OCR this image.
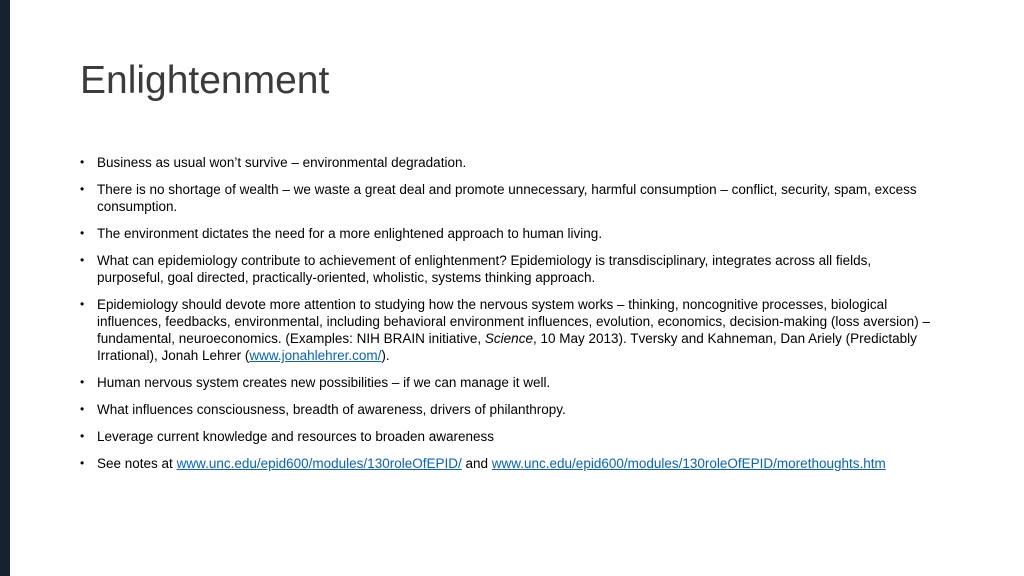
Enlightenment
• Business as usual won’t survive – environmental degradation.
• There is no shortage of wealth – we waste a great deal and promote unnecessary, harmful consumption – conflict, security, spam, excess consumption.
• The environment dictates the need for a more enlightened approach to human living.
• What can epidemiology contribute to achievement of enlightenment? Epidemiology is transdisciplinary, integrates across all fields, purposeful, goal directed, practically-oriented, wholistic, systems thinking approach.
• Epidemiology should devote more attention to studying how the nervous system works – thinking, noncognitive processes, biological influences, feedbacks, environmental, including behavioral environment influences, evolution, economics, decision-making (loss aversion) – fundamental, neuroeconomics. (Examples: NIH BRAIN initiative, Science, 10 May 2013). Tversky and Kahneman, Dan Ariely (Predictably Irrational), Jonah Lehrer (www.jonahlehrer.com/).
• Human nervous system creates new possibilities – if we can manage it well.
• What influences consciousness, breadth of awareness, drivers of philanthropy.
• Leverage current knowledge and resources to broaden awareness
• See notes at www.unc.edu/epid600/modules/130roleOfEPID/ and www.unc.edu/epid600/modules/130roleOfEPID/morethoughts.htm
